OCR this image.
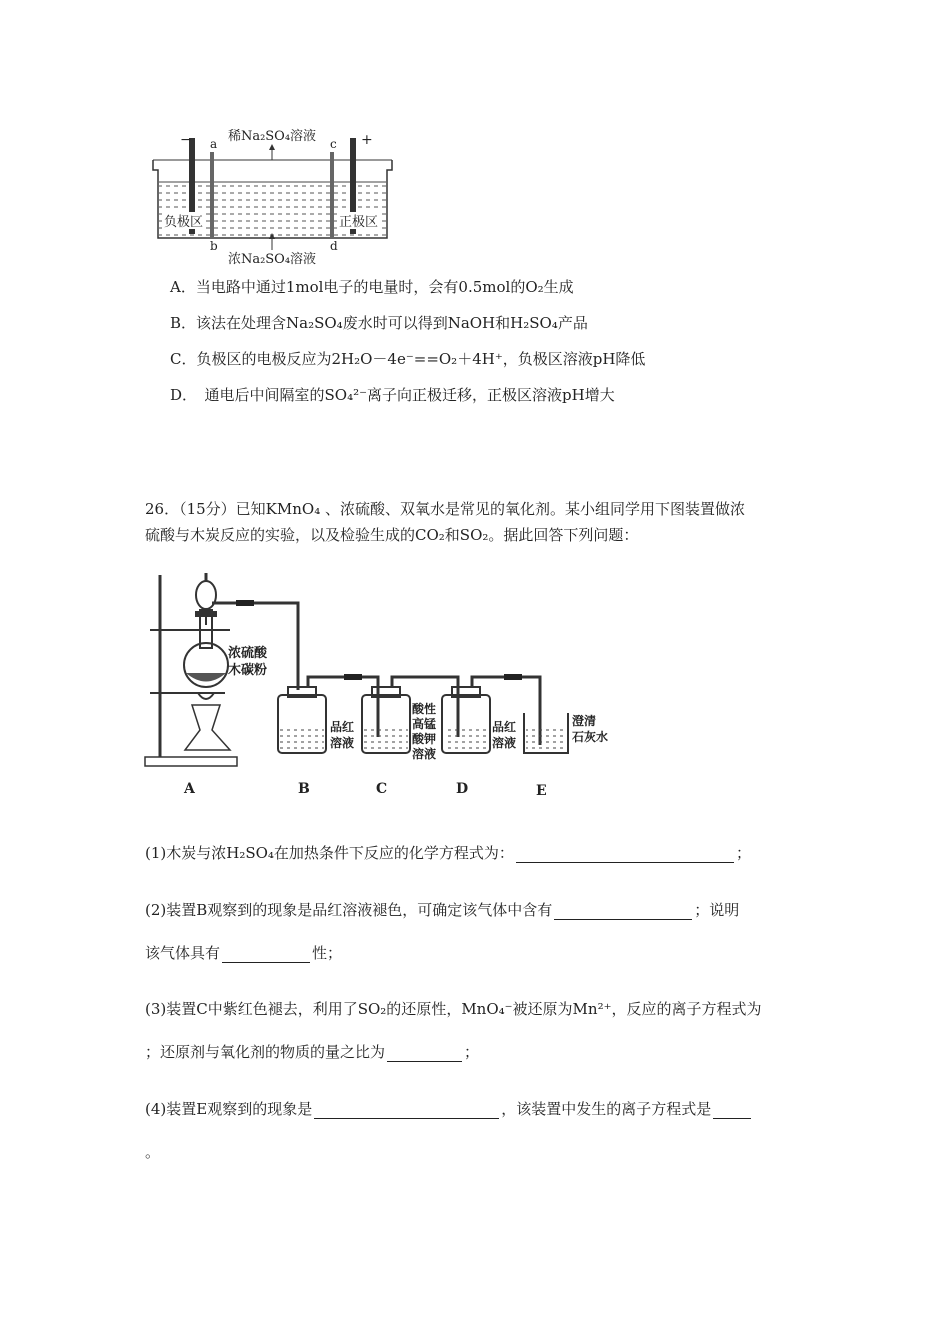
稀Na₂SO₄溶液
浓Na₂SO₄溶液
−	+
a	c
b	d
负极区	正极区
A．当电路中通过1mol电子的电量时，会有0.5mol的O₂生成
B．该法在处理含Na₂SO₄废水时可以得到NaOH和H₂SO₄产品
C．负极区的电极反应为2H₂O－4e⁻==O₂＋4H⁺，负极区溶液pH降低
D．　通电后中间隔室的SO₄²⁻离子向正极迁移，正极区溶液pH增大
26．（15分）已知KMnO₄ 、浓硫酸、双氧水是常见的氧化剂。某小组同学用下图装置做浓
硫酸与木炭反应的实验，以及检验生成的CO₂和SO₂。据此回答下列问题：
浓硫酸
木碳粉
品红
溶液
酸性
高锰
酸钾
溶液
品红
溶液
澄清
石灰水
A	B	C	D	E
(1)木炭与浓H₂SO₄在加热条件下反应的化学方程式为：	；
(2)装置B观察到的现象是品红溶液褪色，可确定该气体中含有	；说明
该气体具有	性；
(3)装置C中紫红色褪去，利用了SO₂的还原性，MnO₄⁻被还原为Mn²⁺，反应的离子方程式为
；还原剂与氧化剂的物质的量之比为	；
(4)装置E观察到的现象是	，该装置中发生的离子方程式是
。
